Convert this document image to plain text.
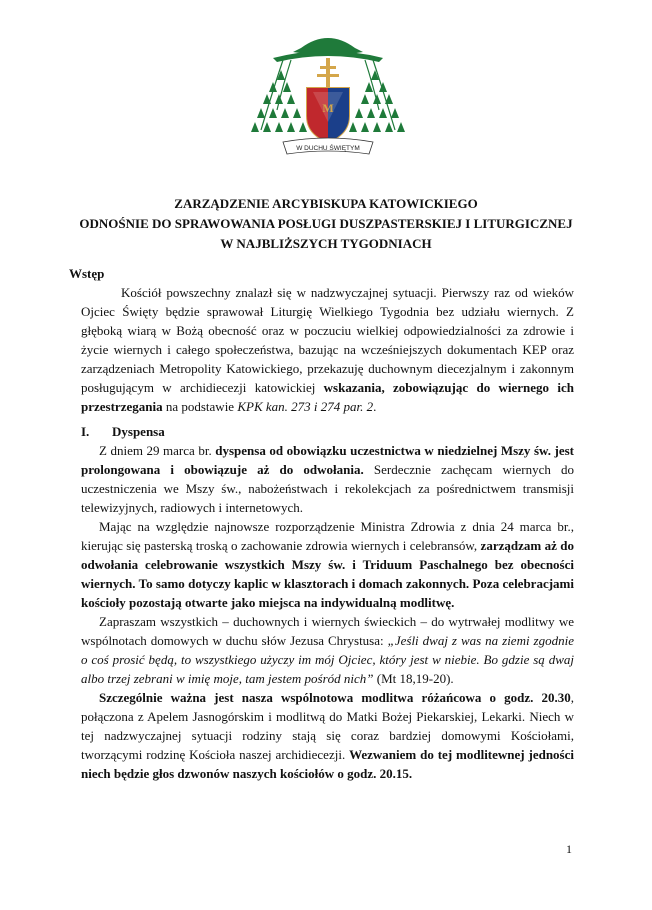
M
W DUCHU ŚWIĘTYM
ZARZĄDZENIE ARCYBISKUPA KATOWICKIEGO
ODNOŚNIE DO SPRAWOWANIA POSŁUGI DUSZPASTERSKIEJ I LITURGICZNEJ
W NAJBLIŻSZYCH TYGODNIACH
Wstęp

Kościół powszechny znalazł się w nadzwyczajnej sytuacji. Pierwszy raz od wieków Ojciec Święty będzie sprawował Liturgię Wielkiego Tygodnia bez udziału wiernych. Z głęboką wiarą w Bożą obecność oraz w poczuciu wielkiej odpowiedzialności za zdrowie i życie wiernych i całego społeczeństwa, bazując na wcześniejszych dokumentach KEP oraz zarządzeniach Metropolity Katowickiego, przekazuję duchownym diecezjalnym i zakonnym posługującym w archidiecezji katowickiej wskazania, zobowiązując do wiernego ich przestrzegania na podstawie KPK kan. 273 i 274 par. 2.

I. Dyspensa

Z dniem 29 marca br. dyspensa od obowiązku uczestnictwa w niedzielnej Mszy św. jest prolongowana i obowiązuje aż do odwołania. Serdecznie zachęcam wiernych do uczestniczenia we Mszy św., nabożeństwach i rekolekcjach za pośrednictwem transmisji telewizyjnych, radiowych i internetowych.

Mając na względzie najnowsze rozporządzenie Ministra Zdrowia z dnia 24 marca br., kierując się pasterską troską o zachowanie zdrowia wiernych i celebransów, zarządzam aż do odwołania celebrowanie wszystkich Mszy św. i Triduum Paschalnego bez obecności wiernych. To samo dotyczy kaplic w klasztorach i domach zakonnych. Poza celebracjami kościoły pozostają otwarte jako miejsca na indywidualną modlitwę.

Zapraszam wszystkich – duchownych i wiernych świeckich – do wytrwałej modlitwy we wspólnotach domowych w duchu słów Jezusa Chrystusa: „Jeśli dwaj z was na ziemi zgodnie o coś prosić będą, to wszystkiego użyczy im mój Ojciec, który jest w niebie. Bo gdzie są dwaj albo trzej zebrani w imię moje, tam jestem pośród nich” (Mt 18,19-20).

Szczególnie ważna jest nasza wspólnotowa modlitwa różańcowa o godz. 20.30, połączona z Apelem Jasnogórskim i modlitwą do Matki Bożej Piekarskiej, Lekarki. Niech w tej nadzwyczajnej sytuacji rodziny stają się coraz bardziej domowymi Kościołami, tworzącymi rodzinę Kościoła naszej archidiecezji. Wezwaniem do tej modlitewnej jedności niech będzie głos dzwonów naszych kościołów o godz. 20.15.

1
